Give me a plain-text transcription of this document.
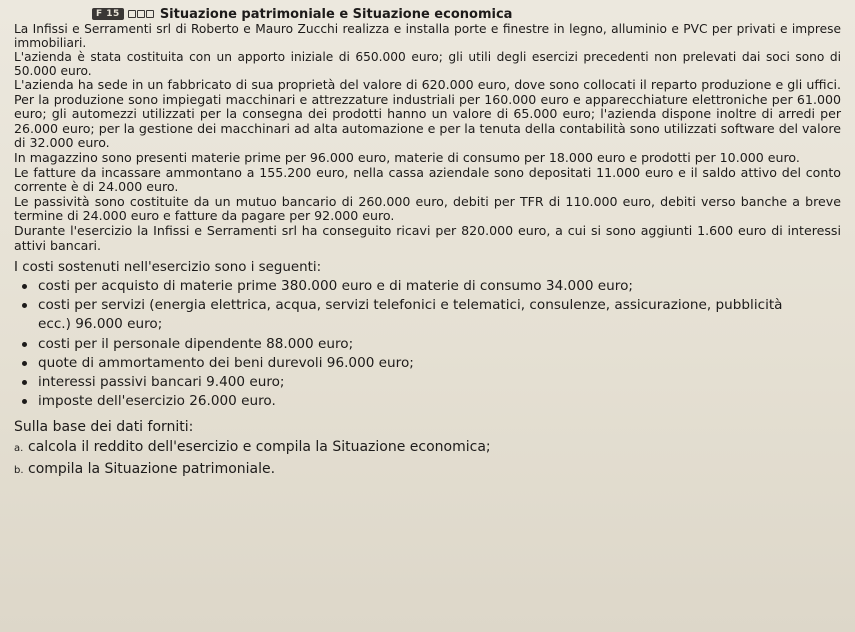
F 15	Situazione patrimoniale e Situazione economica

La Infissi e Serramenti srl di Roberto e Mauro Zucchi realizza e installa porte e finestre in legno, alluminio e PVC per privati e imprese immobiliari.

L'azienda è stata costituita con un apporto iniziale di 650.000 euro; gli utili degli esercizi precedenti non prelevati dai soci sono di 50.000 euro.

L'azienda ha sede in un fabbricato di sua proprietà del valore di 620.000 euro, dove sono collocati il reparto produzione e gli uffici. Per la produzione sono impiegati macchinari e attrezzature industriali per 160.000 euro e apparecchiature elettroniche per 61.000 euro; gli automezzi utilizzati per la consegna dei prodotti hanno un valore di 65.000 euro; l'azienda dispone inoltre di arredi per 26.000 euro; per la gestione dei macchinari ad alta automazione e per la tenuta della contabilità sono utilizzati software del valore di 32.000 euro.

In magazzino sono presenti materie prime per 96.000 euro, materie di consumo per 18.000 euro e prodotti per 10.000 euro.

Le fatture da incassare ammontano a 155.200 euro, nella cassa aziendale sono depositati 11.000 euro e il saldo attivo del conto corrente è di 24.000 euro.

Le passività sono costituite da un mutuo bancario di 260.000 euro, debiti per TFR di 110.000 euro, debiti verso banche a breve termine di 24.000 euro e fatture da pagare per 92.000 euro.

Durante l'esercizio la Infissi e Serramenti srl ha conseguito ricavi per 820.000 euro, a cui si sono aggiunti 1.600 euro di interessi attivi bancari.

I costi sostenuti nell'esercizio sono i seguenti:
costi per acquisto di materie prime 380.000 euro e di materie di consumo 34.000 euro;
costi per servizi (energia elettrica, acqua, servizi telefonici e telematici, consulenze, assicurazione, pubblicità
ecc.) 96.000 euro;
costi per il personale dipendente 88.000 euro;
quote di ammortamento dei beni durevoli 96.000 euro;
interessi passivi bancari 9.400 euro;
imposte dell'esercizio 26.000 euro.
Sulla base dei dati forniti:
a. calcola il reddito dell'esercizio e compila la Situazione economica;
b. compila la Situazione patrimoniale.
